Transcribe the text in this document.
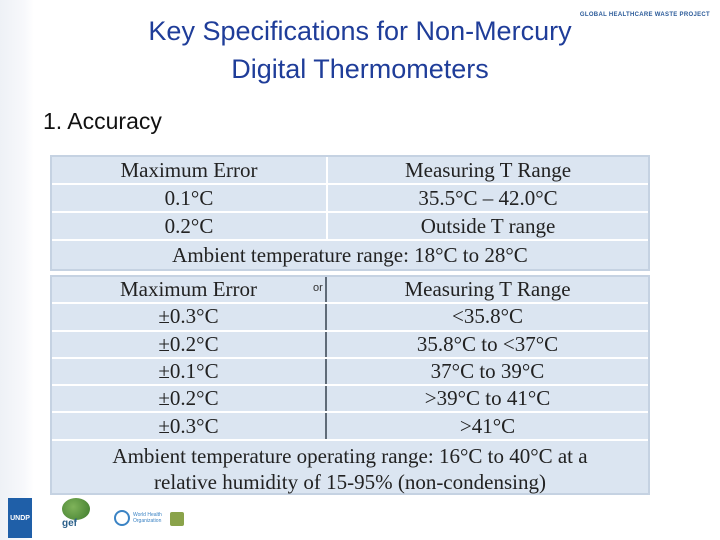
GLOBAL HEALTHCARE WASTE PROJECT
Key Specifications for Non-Mercury
Digital Thermometers
1. Accuracy
Maximum Error	Measuring T Range
0.1°C	35.5°C – 42.0°C
0.2°C	Outside T range
Ambient temperature range: 18°C to 28°C
Maximum Error	Measuring T Range
±0.3°C	<35.8°C
±0.2°C	35.8°C to <37°C
±0.1°C	37°C to 39°C
±0.2°C	>39°C to 41°C
±0.3°C	>41°C
Ambient temperature operating range: 16°C to 40°C at a relative humidity of 15-95% (non-condensing)
or
UNDP	gef
World Health
Organization
